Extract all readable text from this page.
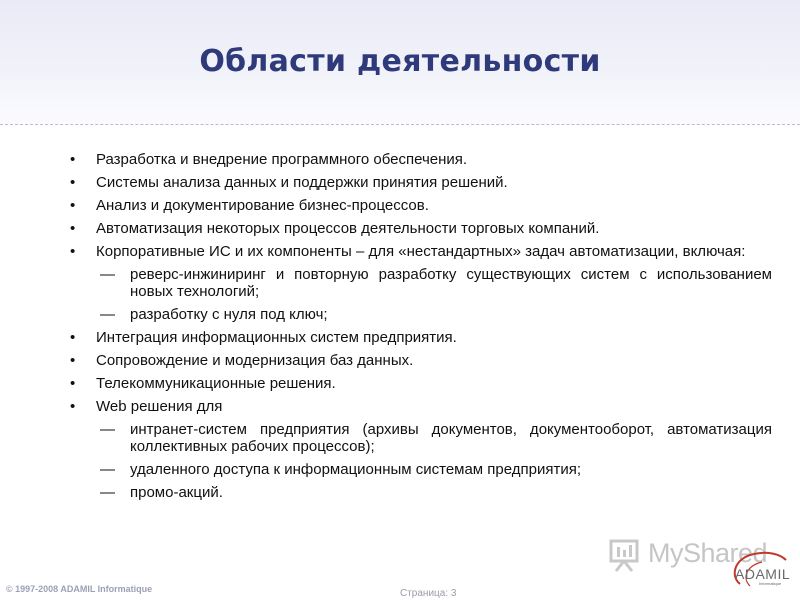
Области деятельности
• Разработка и внедрение программного обеспечения.
• Системы анализа данных и поддержки принятия решений.
• Анализ и документирование бизнес-процессов.
• Автоматизация некоторых процессов деятельности торговых компаний.
• Корпоративные ИС и их компоненты – для «нестандартных» задач автоматизации, включая:
— реверс-инжиниринг и повторную разработку существующих систем с использованием новых технологий;
— разработку с нуля под ключ;
• Интеграция информационных систем предприятия.
• Сопровождение и модернизация баз данных.
• Телекоммуникационные решения.
• Web решения для
— интранет-систем предприятия (архивы документов, документооборот, автоматизация коллективных рабочих процессов);
— удаленного доступа к информационным системам предприятия;
— промо-акций.
MyShared
ADAMIL
Informatique
© 1997-2008 ADAMIL Informatique	Страница: 3
